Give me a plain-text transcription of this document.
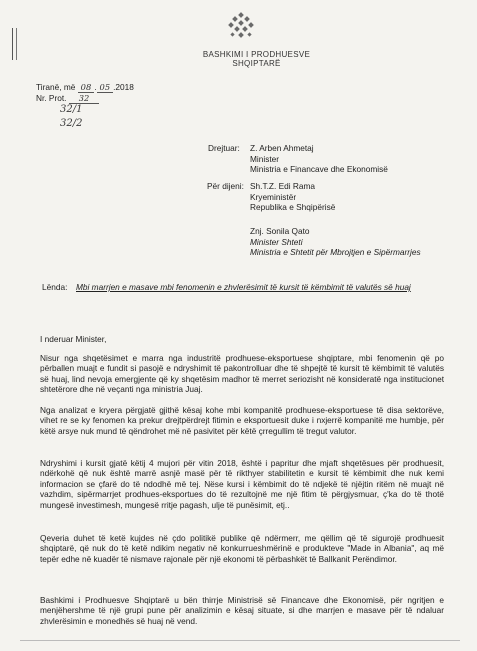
BASHKIMI I PRODHUESVE
SHQIPTARË
Tiranë, më 08 . 05 .2018
Nr. Prot. 32
32/1
32/2
Drejtuar: Z. Arben Ahmetaj
Minister
Ministria e Financave dhe Ekonomisë
Për dijeni: Sh.T.Z. Edi Rama
Kryeministër
Republika e Shqipërisë
Znj. Sonila Qato
Minister Shteti
Ministria e Shtetit për Mbrojtjen e Sipërmarrjes
Lënda: Mbi marrjen e masave mbi fenomenin e zhvlerësimit të kursit të këmbimit të valutës së huaj
I nderuar Minister,
Nisur nga shqetësimet e marra nga industritë prodhuese-eksportuese shqiptare, mbi fenomenin që po përballen muajt e fundit si pasojë e ndryshimit të pakontrolluar dhe të shpejtë të kursit të këmbimit të valutës së huaj, lind nevoja emergjente që ky shqetësim madhor të merret seriozisht në konsideratë nga institucionet shtetërore dhe në veçanti nga ministria Juaj.
Nga analizat e kryera përgjatë gjithë kësaj kohe mbi kompanitë prodhuese-eksportuese të disa sektorëve, vihet re se ky fenomen ka prekur drejtpërdrejt fitimin e eksportuesit duke i nxjerrë kompanitë me humbje, për këtë arsye nuk mund të qëndrohet më në pasivitet për këtë çrregullim të tregut valutor.
Ndryshimi i kursit gjatë këtij 4 mujori për vitin 2018, është i papritur dhe mjaft shqetësues për prodhuesit, ndërkohë që nuk është marrë asnjë masë për të rikthyer stabilitetin e kursit të këmbimit dhe nuk kemi informacion se çfarë do të ndodhë më tej. Nëse kursi i këmbimit do të ndjekë të njëjtin ritëm në muajt në vazhdim, sipërmarrjet prodhues-eksportues do të rezultojnë me një fitim të përgjysmuar, ç'ka do të thotë mungesë investimesh, mungesë rritje pagash, ulje të punësimit, etj..
Qeveria duhet të ketë kujdes në çdo politikë publike që ndërmerr, me qëllim që të sigurojë prodhuesit shqiptarë, që nuk do të ketë ndikim negativ në konkurrueshmërinë e produkteve "Made in Albania", aq më tepër edhe në kuadër të nismave rajonale për një ekonomi të përbashkët të Ballkanit Perëndimor.
Bashkimi i Prodhuesve Shqiptarë u bën thirrje Ministrisë së Financave dhe Ekonomisë, për ngritjen e menjëhershme të një grupi pune për analizimin e kësaj situate, si dhe marrjen e masave për të ndaluar zhvlerësimin e monedhës së huaj në vend.
